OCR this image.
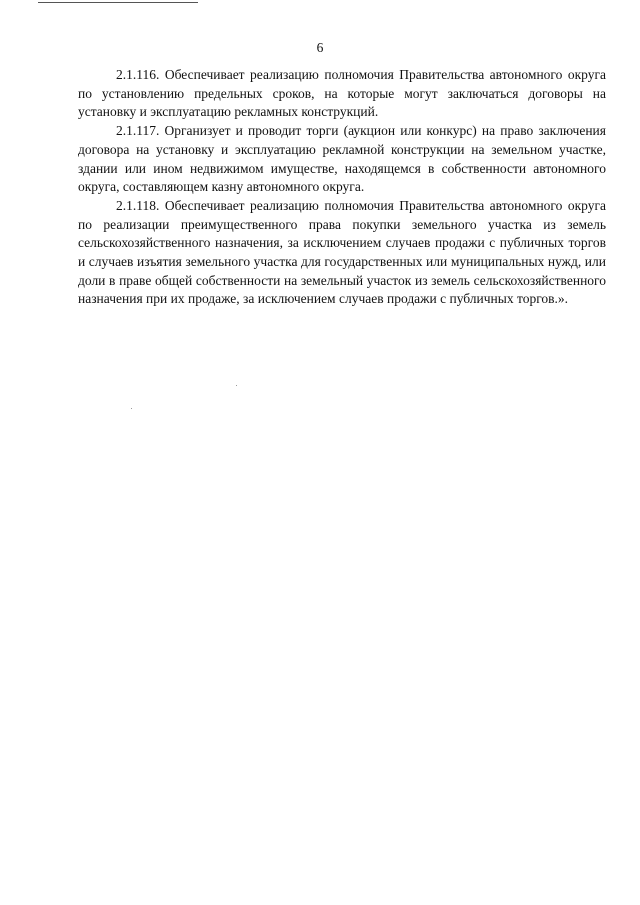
6

2.1.116. Обеспечивает реализацию полномочия Правительства автономного округа по установлению предельных сроков, на которые могут заключаться договоры на установку и эксплуатацию рекламных конструкций.

2.1.117. Организует и проводит торги (аукцион или конкурс) на право заключения договора на установку и эксплуатацию рекламной конструкции на земельном участке, здании или ином недвижимом имуществе, находящемся в собственности автономного округа, составляющем казну автономного округа.

2.1.118. Обеспечивает реализацию полномочия Правительства автономного округа по реализации преимущественного права покупки земельного участка из земель сельскохозяйственного назначения, за исключением случаев продажи с публичных торгов и случаев изъятия земельного участка для государственных или муниципальных нужд, или доли в праве общей собственности на земельный участок из земель сельскохозяйственного назначения при их продаже, за исключением случаев продажи с публичных торгов.».
